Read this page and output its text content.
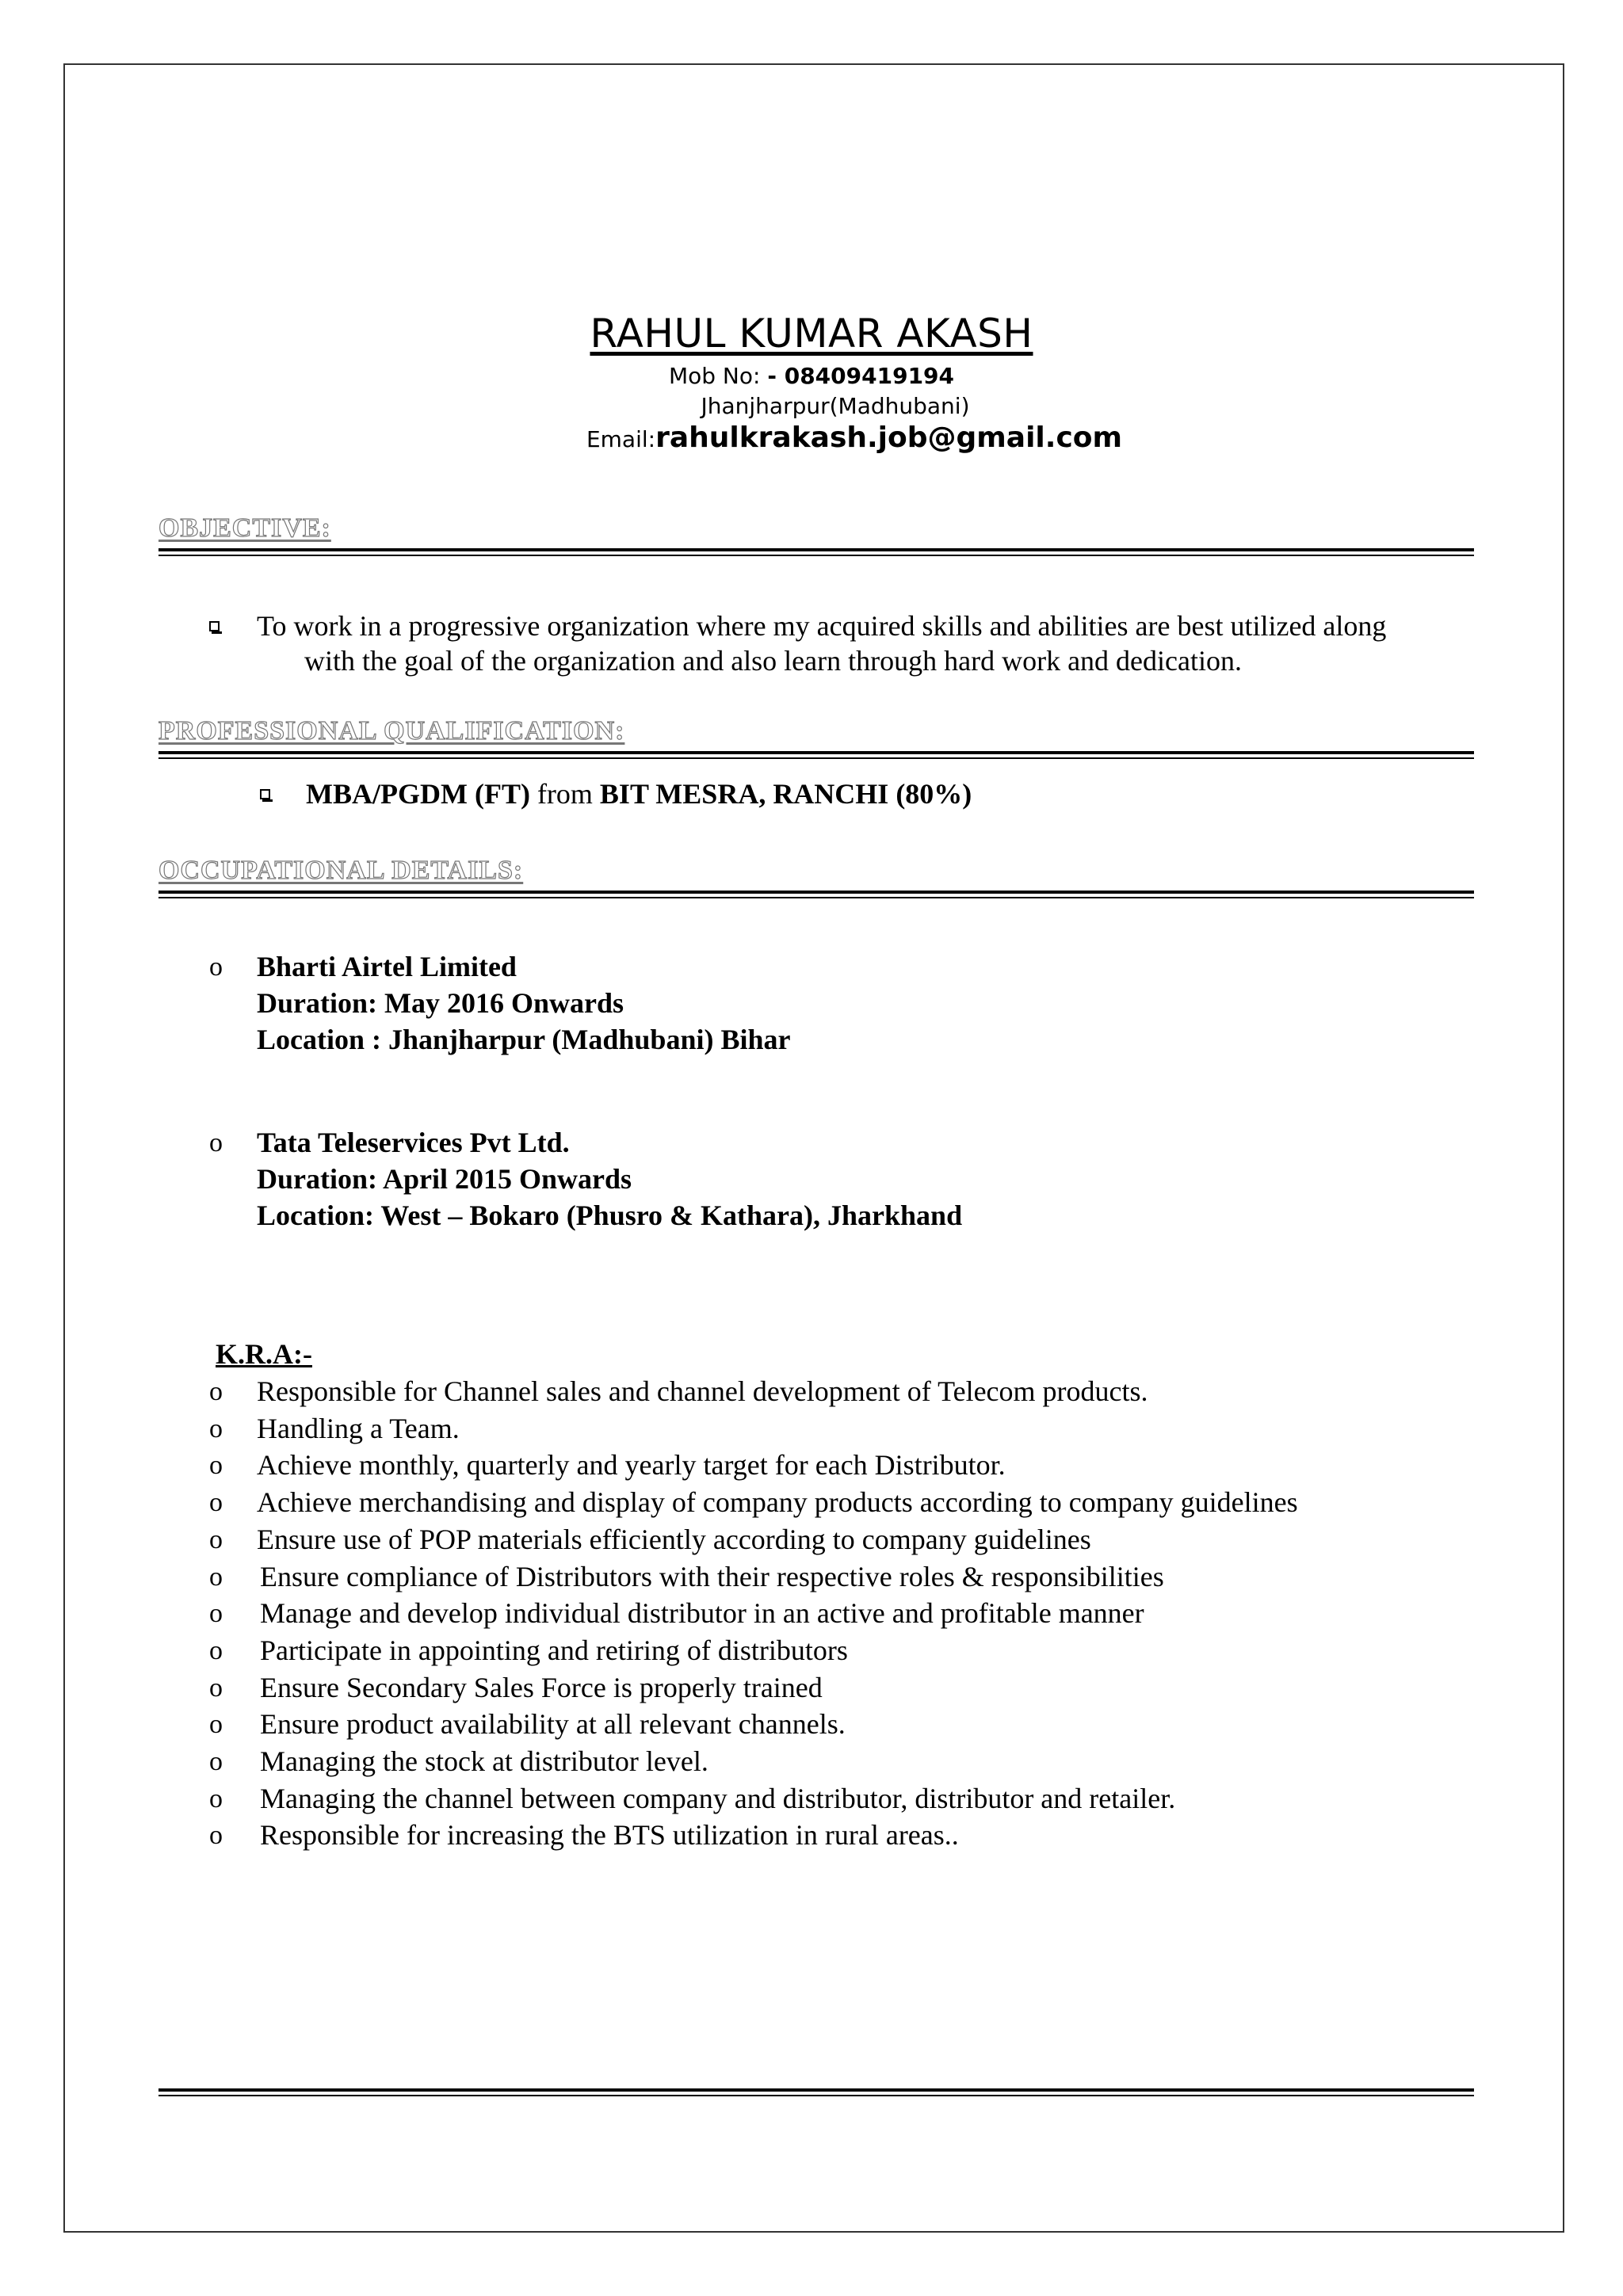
RAHUL KUMAR AKASH
Mob No: - 08409419194
Jhanjharpur(Madhubani)
Email:rahulkrakash.job@gmail.com
OBJECTIVE:
To work in a progressive organization where my acquired skills and abilities are best utilized along
with the goal of the organization and also learn through hard work and dedication.
PROFESSIONAL QUALIFICATION:
MBA/PGDM (FT) from BIT MESRA, RANCHI (80%)
OCCUPATIONAL DETAILS:
o Bharti Airtel Limited
Duration: May 2016 Onwards
Location : Jhanjharpur (Madhubani) Bihar
o Tata Teleservices Pvt Ltd.
Duration: April 2015 Onwards
Location: West – Bokaro (Phusro & Kathara), Jharkhand
K.R.A:-
o Responsible for Channel sales and channel development of Telecom products.
o Handling a Team.
o Achieve monthly, quarterly and yearly target for each Distributor.
o Achieve merchandising and display of company products according to company guidelines
o Ensure use of POP materials efficiently according to company guidelines
o Ensure compliance of Distributors with their respective roles & responsibilities
o Manage and develop individual distributor in an active and profitable manner
o Participate in appointing and retiring of distributors
o Ensure Secondary Sales Force is properly trained
o Ensure product availability at all relevant channels.
o Managing the stock at distributor level.
o Managing the channel between company and distributor, distributor and retailer.
o Responsible for increasing the BTS utilization in rural areas..
